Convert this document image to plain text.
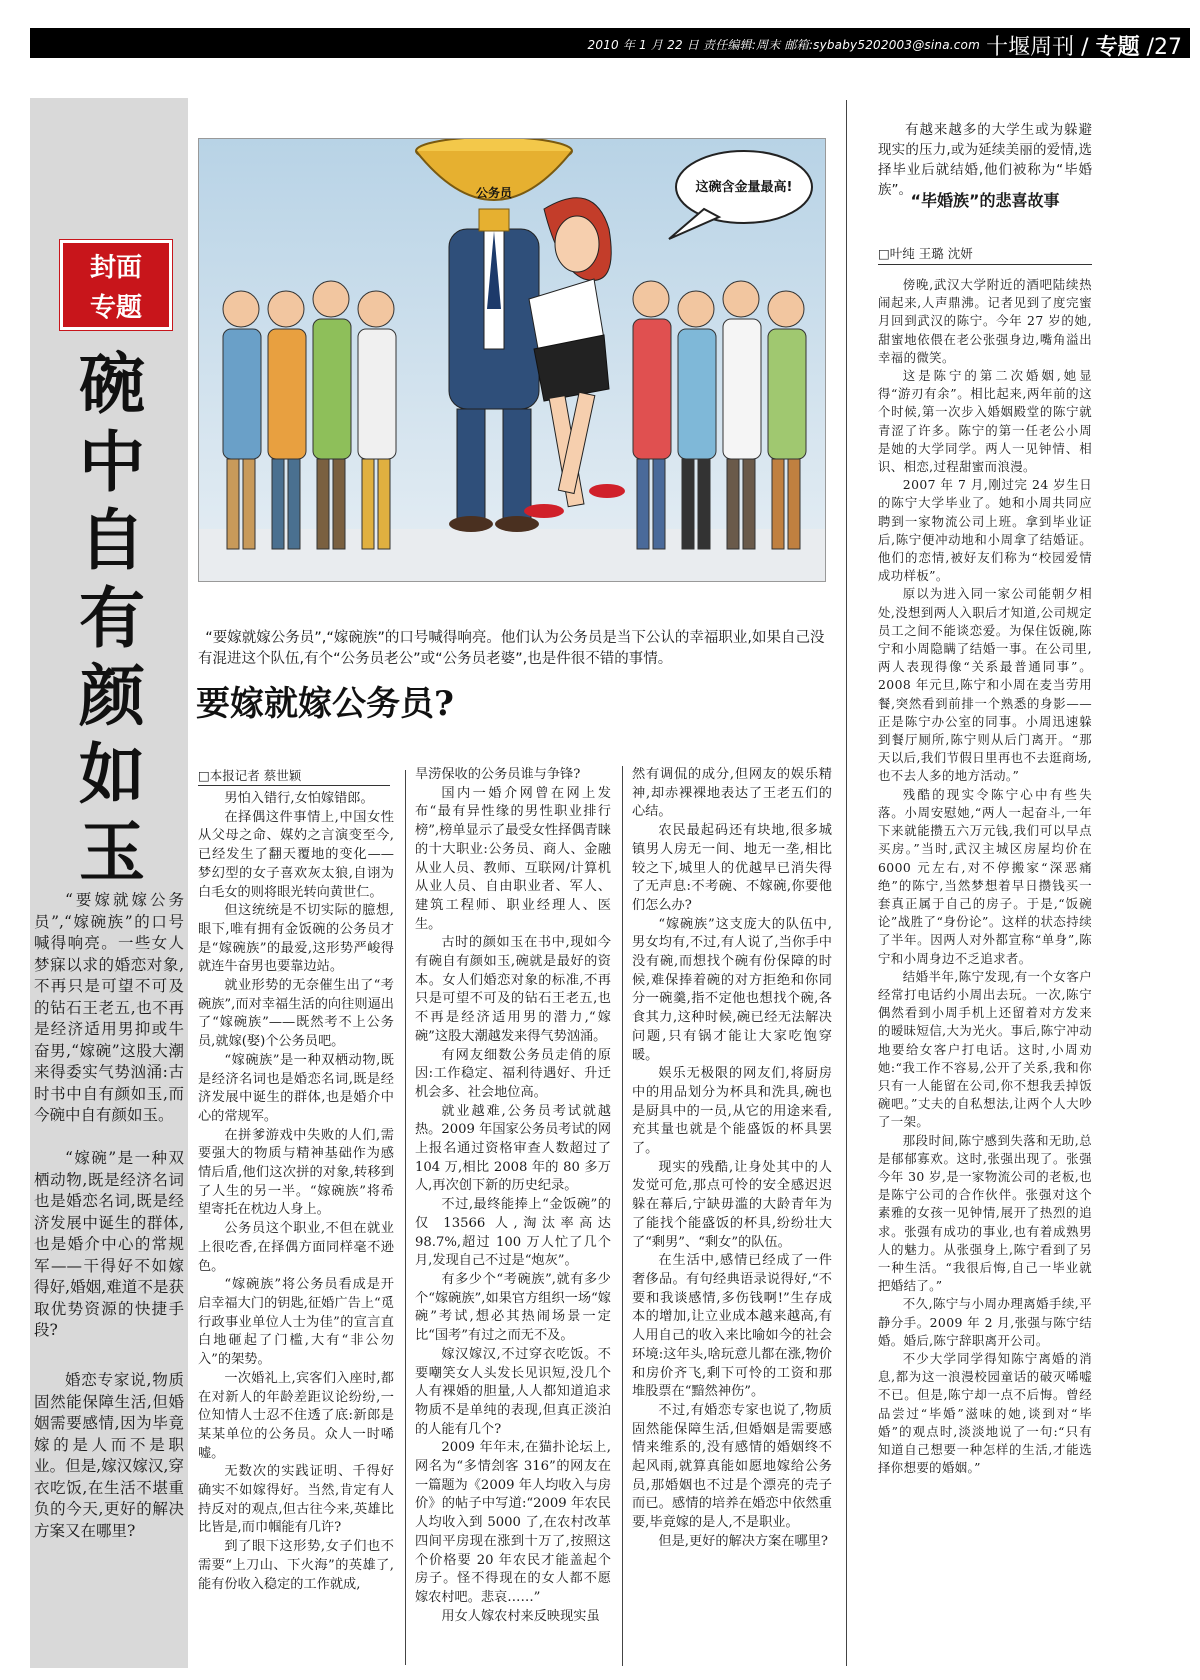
2010 年 1 月 22 日 责任编辑:周末 邮箱:sybaby5202003@sina.com 十堰周刊 / 专题 /27
封面
专题
碗
中
自
有
颜
如
玉
“要嫁就嫁公务员”,“嫁碗族”的口号喊得响亮。一些女人梦寐以求的婚恋对象,不再只是可望不可及的钻石王老五,也不再是经济适用男抑或牛奋男,“嫁碗”这股大潮来得委实气势汹涌:古时书中自有颜如玉,而今碗中自有颜如玉。
“嫁碗”是一种双栖动物,既是经济名词也是婚恋名词,既是经济发展中诞生的群体,也是婚介中心的常规军——干得好不如嫁得好,婚姻,难道不是获取优势资源的快捷手段?
婚恋专家说,物质固然能保障生活,但婚姻需要感情,因为毕竟嫁的是人而不是职业。但是,嫁汉嫁汉,穿衣吃饭,在生活不堪重负的今天,更好的解决方案又在哪里?
公务员	这碗含金量最高!
“要嫁就嫁公务员”,“嫁碗族”的口号喊得响亮。他们认为公务员是当下公认的幸福职业,如果自己没有混进这个队伍,有个“公务员老公”或“公务员老婆”,也是件很不错的事情。
要嫁就嫁公务员?
□本报记者 蔡世颖

男怕入错行,女怕嫁错郎。

在择偶这件事情上,中国女性从父母之命、媒妁之言演变至今,已经发生了翻天覆地的变化——梦幻型的女子喜欢灰太狼,自诩为白毛女的则将眼光转向黄世仁。

但这统统是不切实际的臆想,眼下,唯有拥有金饭碗的公务员才是“嫁碗族”的最爱,这形势严峻得就连牛奋男也要靠边站。

就业形势的无奈催生出了“考碗族”,而对幸福生活的向往则逼出了“嫁碗族”——既然考不上公务员,就嫁(娶)个公务员吧。

“嫁碗族”是一种双栖动物,既是经济名词也是婚恋名词,既是经济发展中诞生的群体,也是婚介中心的常规军。

在拼爹游戏中失败的人们,需要强大的物质与精神基础作为感情后盾,他们这次拼的对象,转移到了人生的另一半。“嫁碗族”将希望寄托在枕边人身上。

公务员这个职业,不但在就业上很吃香,在择偶方面同样毫不逊色。

“嫁碗族”将公务员看成是开启幸福大门的钥匙,征婚广告上“觅行政事业单位人士为佳”的宣言直白地砸起了门槛,大有“非公勿入”的架势。

一次婚礼上,宾客们入座时,都在对新人的年龄差距议论纷纷,一位知情人士忍不住透了底:新郎是某某单位的公务员。众人一时唏嘘。

无数次的实践证明、千得好确实不如嫁得好。当然,肯定有人持反对的观点,但古往今来,英雄比比皆是,而巾帼能有几许?

到了眼下这形势,女子们也不需要“上刀山、下火海”的英雄了,能有份收入稳定的工作就成,

旱涝保收的公务员谁与争锋?

国内一婚介网曾在网上发布“最有异性缘的男性职业排行榜”,榜单显示了最受女性择偶青睐的十大职业:公务员、商人、金融从业人员、教师、互联网/计算机从业人员、自由职业者、军人、建筑工程师、职业经理人、医生。

古时的颜如玉在书中,现如今有碗自有颜如玉,碗就是最好的资本。女人们婚恋对象的标准,不再只是可望不可及的钻石王老五,也不再是经济适用男的潜力,“嫁碗”这股大潮越发来得气势汹涌。

有网友细数公务员走俏的原因:工作稳定、福利待遇好、升迁机会多、社会地位高。

就业越难,公务员考试就越热。2009 年国家公务员考试的网上报名通过资格审查人数超过了 104 万,相比 2008 年的 80 多万人,再次创下新的历史纪录。

不过,最终能捧上“金饭碗”的仅 13566 人,淘汰率高达 98.7%,超过 100 万人忙了几个月,发现自己不过是“炮灰”。

有多少个“考碗族”,就有多少个“嫁碗族”,如果官方组织一场“嫁碗”考试,想必其热闹场景一定比“国考”有过之而无不及。

嫁汉嫁汉,不过穿衣吃饭。不要嘲笑女人头发长见识短,没几个人有裸婚的胆量,人人都知道追求物质不是单纯的表现,但真正淡泊的人能有几个?

2009 年年末,在猫扑论坛上,网名为“多情刽客 316”的网友在一篇题为《2009 年人均收入与房价》的帖子中写道:“2009 年农民人均收入到 5000 了,在农村改革四间平房现在涨到十万了,按照这个价格要 20 年农民才能盖起个房子。怪不得现在的女人都不愿嫁农村吧。悲哀……”

用女人嫁农村来反映现实虽

然有调侃的成分,但网友的娱乐精神,却赤裸裸地表达了王老五们的心结。

农民最起码还有块地,很多城镇男人房无一间、地无一垄,相比较之下,城里人的优越早已消失得了无声息:不考碗、不嫁碗,你要他们怎么办?

“嫁碗族”这支庞大的队伍中,男女均有,不过,有人说了,当你手中没有碗,而想找个碗有份保障的时候,难保捧着碗的对方拒绝和你同分一碗羹,指不定他也想找个碗,各食其力,这种时候,碗已经无法解决问题,只有锅才能让大家吃饱穿暖。

娱乐无极限的网友们,将厨房中的用品划分为杯具和洗具,碗也是厨具中的一员,从它的用途来看,充其量也就是个能盛饭的杯具罢了。

现实的残酷,让身处其中的人发觉可危,那点可怜的安全感迟迟躲在幕后,宁缺毋滥的大龄青年为了能找个能盛饭的杯具,纷纷壮大了“剩男”、“剩女”的队伍。

在生活中,感情已经成了一件奢侈品。有句经典语录说得好,“不要和我谈感情,多伤钱啊!”生存成本的增加,让立业成本越来越高,有人用自己的收入来比喻如今的社会环境:这年头,啥玩意儿都在涨,物价和房价齐飞,剩下可怜的工资和那堆股票在“黯然神伤”。

不过,有婚恋专家也说了,物质固然能保障生活,但婚姻是需要感情来维系的,没有感情的婚姻终不起风雨,就算真能如愿地嫁给公务员,那婚姻也不过是个漂亮的壳子而已。感情的培养在婚恋中依然重要,毕竟嫁的是人,不是职业。

但是,更好的解决方案在哪里?

有越来越多的大学生或为躲避现实的压力,或为延续美丽的爱情,选择毕业后就结婚,他们被称为“毕婚族”。
“毕婚族”的悲喜故事
□叶纯 王璐 沈妍

傍晚,武汉大学附近的酒吧陆续热闹起来,人声鼎沸。记者见到了度完蜜月回到武汉的陈宁。今年 27 岁的她,甜蜜地依偎在老公张强身边,嘴角溢出幸福的微笑。

这是陈宁的第二次婚姻,她显得“游刃有余”。相比起来,两年前的这个时候,第一次步入婚姻殿堂的陈宁就青涩了许多。陈宁的第一任老公小周是她的大学同学。两人一见钟情、相识、相恋,过程甜蜜而浪漫。

2007 年 7 月,刚过完 24 岁生日的陈宁大学毕业了。她和小周共同应聘到一家物流公司上班。拿到毕业证后,陈宁便冲动地和小周拿了结婚证。他们的恋情,被好友们称为“校园爱情成功样板”。

原以为进入同一家公司能朝夕相处,没想到两人入职后才知道,公司规定员工之间不能谈恋爱。为保住饭碗,陈宁和小周隐瞒了结婚一事。在公司里,两人表现得像“关系最普通同事”。2008 年元旦,陈宁和小周在麦当劳用餐,突然看到前排一个熟悉的身影——正是陈宁办公室的同事。小周迅速躲到餐厅厕所,陈宁则从后门离开。“那天以后,我们节假日里再也不去逛商场,也不去人多的地方活动。”

残酷的现实令陈宁心中有些失落。小周安慰她,“两人一起奋斗,一年下来就能攒五六万元钱,我们可以早点买房。”当时,武汉主城区房屋均价在 6000 元左右,对不停搬家“深恶痛绝”的陈宁,当然梦想着早日攒钱买一套真正属于自己的房子。于是,“饭碗论”战胜了“身份论”。这样的状态持续了半年。因两人对外都宣称“单身”,陈宁和小周身边不乏追求者。

结婚半年,陈宁发现,有一个女客户经常打电话约小周出去玩。一次,陈宁偶然看到小周手机上还留着对方发来的暧昧短信,大为光火。事后,陈宁冲动地要给女客户打电话。这时,小周劝她:“我工作不容易,公开了关系,我和你只有一人能留在公司,你不想我丢掉饭碗吧。”丈夫的自私想法,让两个人大吵了一架。

那段时间,陈宁感到失落和无助,总是郁郁寡欢。这时,张强出现了。张强今年 30 岁,是一家物流公司的老板,也是陈宁公司的合作伙伴。张强对这个素雅的女孩一见钟情,展开了热烈的追求。张强有成功的事业,也有着成熟男人的魅力。从张强身上,陈宁看到了另一种生活。“我很后悔,自己一毕业就把婚结了。”

不久,陈宁与小周办理离婚手续,平静分手。2009 年 2 月,张强与陈宁结婚。婚后,陈宁辞职离开公司。

不少大学同学得知陈宁离婚的消息,都为这一浪漫校园童话的破灭唏嘘不已。但是,陈宁却一点不后悔。曾经品尝过“毕婚”滋味的她,谈到对“毕婚”的观点时,淡淡地说了一句:“只有知道自己想要一种怎样的生活,才能选择你想要的婚姻。”
